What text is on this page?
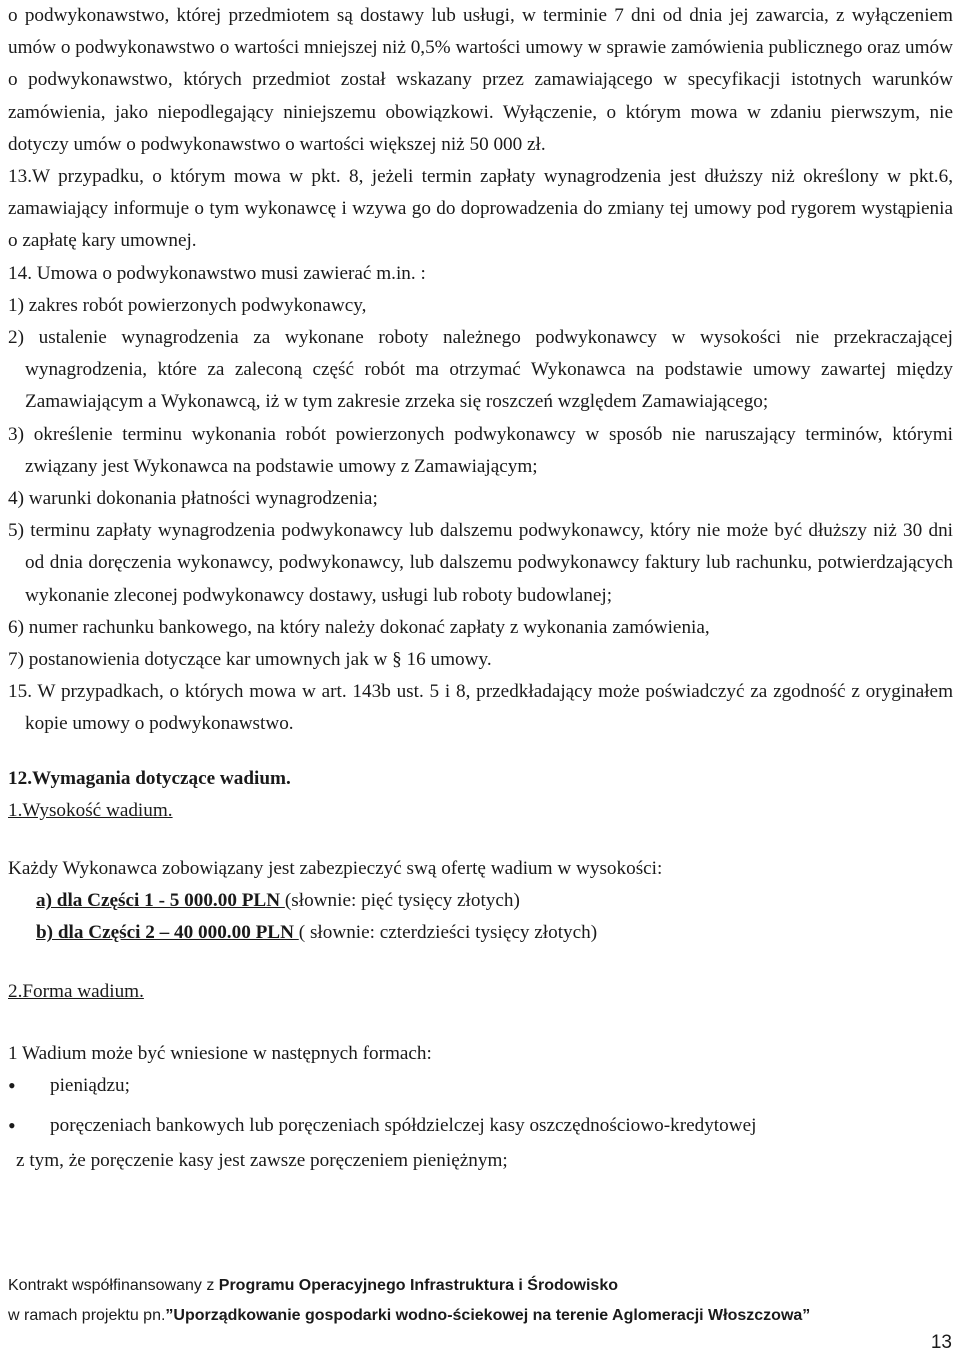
o podwykonawstwo, której przedmiotem są dostawy lub usługi, w terminie 7 dni od dnia jej zawarcia, z wyłączeniem umów o podwykonawstwo o wartości mniejszej niż 0,5% wartości umowy w sprawie zamówienia publicznego oraz umów o podwykonawstwo, których przedmiot został wskazany przez zamawiającego w specyfikacji istotnych warunków zamówienia, jako niepodlegający niniejszemu obowiązkowi. Wyłączenie, o którym mowa w zdaniu pierwszym, nie dotyczy umów o podwykonawstwo o wartości większej niż 50 000 zł.

13.W przypadku, o którym mowa w pkt. 8, jeżeli termin zapłaty wynagrodzenia jest dłuższy niż określony w pkt.6, zamawiający informuje o tym wykonawcę i wzywa go do doprowadzenia do zmiany tej umowy pod rygorem wystąpienia o zapłatę kary umownej.

14. Umowa o podwykonawstwo musi zawierać m.in. :

1) zakres robót powierzonych podwykonawcy,

2) ustalenie wynagrodzenia za wykonane roboty należnego podwykonawcy w wysokości nie przekraczającej wynagrodzenia, które za zaleconą część robót ma otrzymać Wykonawca na podstawie umowy zawartej między Zamawiającym a Wykonawcą, iż w tym zakresie zrzeka się roszczeń względem Zamawiającego;

3) określenie terminu wykonania robót powierzonych podwykonawcy w sposób nie naruszający terminów, którymi związany jest Wykonawca na podstawie umowy z Zamawiającym;

4) warunki dokonania płatności wynagrodzenia;

5) terminu zapłaty wynagrodzenia podwykonawcy lub dalszemu podwykonawcy, który nie może być dłuższy niż 30 dni od dnia doręczenia wykonawcy, podwykonawcy, lub dalszemu podwykonawcy faktury lub rachunku, potwierdzających wykonanie zleconej podwykonawcy dostawy, usługi lub roboty budowlanej;

6) numer rachunku bankowego, na który należy dokonać zapłaty z wykonania zamówienia,

7) postanowienia dotyczące kar umownych jak w § 16 umowy.

15. W przypadkach, o których mowa w art. 143b ust. 5 i 8, przedkładający może poświadczyć za zgodność z oryginałem kopie umowy o podwykonawstwo.

12.Wymagania dotyczące wadium.

1.Wysokość wadium.

Każdy Wykonawca zobowiązany jest zabezpieczyć swą ofertę wadium w wysokości:

a) dla Części 1 - 5 000.00 PLN (słownie: pięć tysięcy złotych)

b) dla Części 2 – 40 000.00 PLN ( słownie: czterdzieści tysięcy złotych)

2.Forma wadium.

1 Wadium może być wniesione w następnych formach:

•
pieniądzu;
•
poręczeniach bankowych lub poręczeniach spółdzielczej kasy oszczędnościowo-kredytowej

z tym, że poręczenie kasy jest zawsze poręczeniem pieniężnym;

Kontrakt współfinansowany z Programu Operacyjnego Infrastruktura i Środowisko
w ramach projektu pn.”Uporządkowanie gospodarki wodno-ściekowej na terenie Aglomeracji Włoszczowa”
13
